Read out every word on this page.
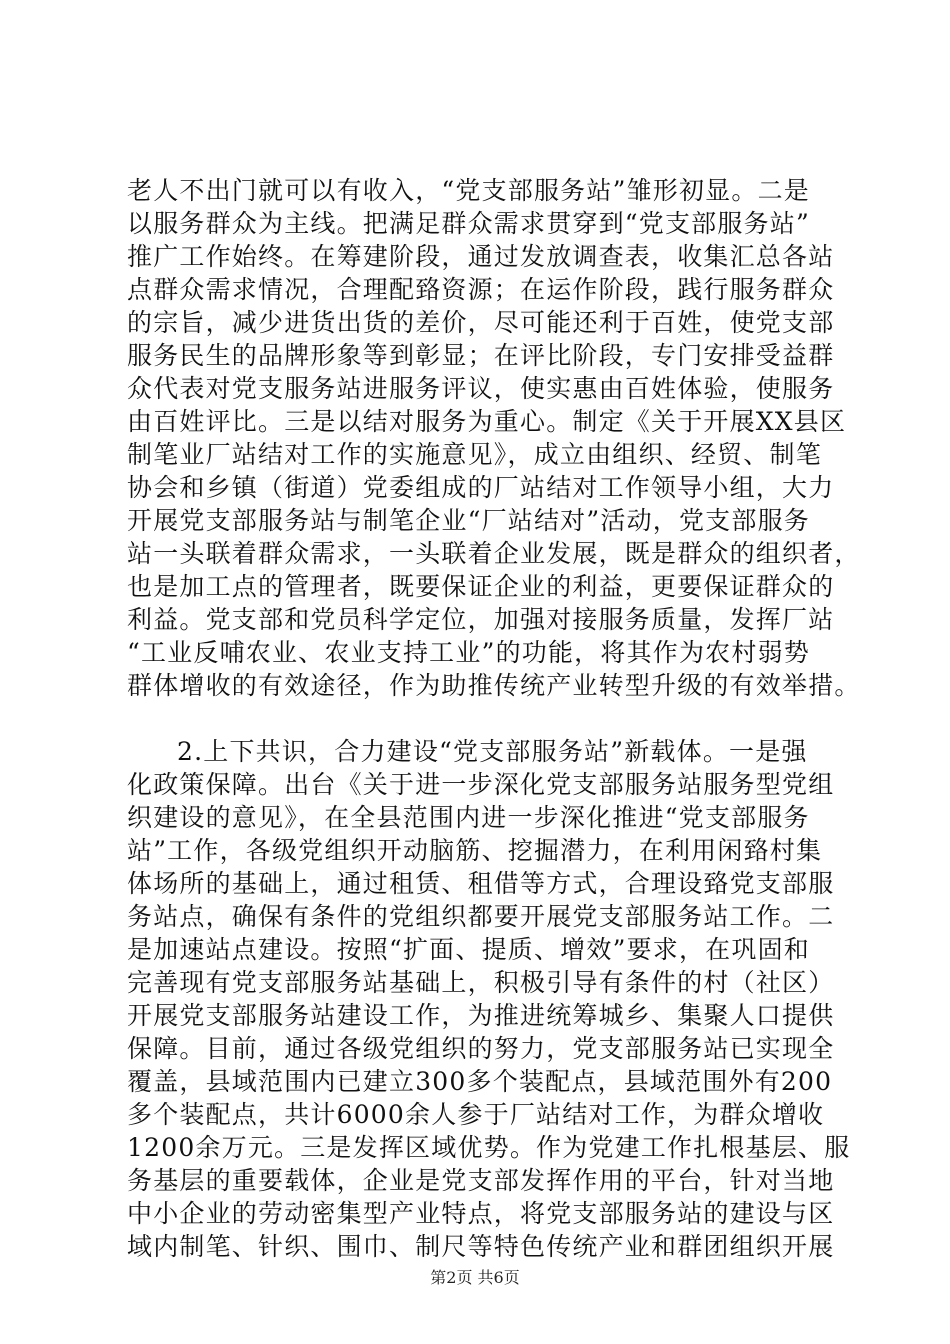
老人不出门就可以有收入，“党支部服务站”雏形初显。二是
以服务群众为主线。把满足群众需求贯穿到“党支部服务站”
推广工作始终。在筹建阶段，通过发放调查表，收集汇总各站
点群众需求情况，合理配臵资源；在运作阶段，践行服务群众
的宗旨，减少进货出货的差价，尽可能还利于百姓，使党支部
服务民生的品牌形象等到彰显；在评比阶段，专门安排受益群
众代表对党支服务站进服务评议，使实惠由百姓体验，使服务
由百姓评比。三是以结对服务为重心。制定《关于开展XX县区
制笔业厂站结对工作的实施意见》，成立由组织、经贸、制笔
协会和乡镇（街道）党委组成的厂站结对工作领导小组，大力
开展党支部服务站与制笔企业“厂站结对”活动，党支部服务
站一头联着群众需求，一头联着企业发展，既是群众的组织者，
也是加工点的管理者，既要保证企业的利益，更要保证群众的
利益。党支部和党员科学定位，加强对接服务质量，发挥厂站
“工业反哺农业、农业支持工业”的功能，将其作为农村弱势
群体增收的有效途径，作为助推传统产业转型升级的有效举措。
2.上下共识，合力建设“党支部服务站”新载体。一是强
化政策保障。出台《关于进一步深化党支部服务站服务型党组
织建设的意见》，在全县范围内进一步深化推进“党支部服务
站”工作，各级党组织开动脑筋、挖掘潜力，在利用闲臵村集
体场所的基础上，通过租赁、租借等方式，合理设臵党支部服
务站点，确保有条件的党组织都要开展党支部服务站工作。二
是加速站点建设。按照“扩面、提质、增效”要求，在巩固和
完善现有党支部服务站基础上，积极引导有条件的村（社区）
开展党支部服务站建设工作，为推进统筹城乡、集聚人口提供
保障。目前，通过各级党组织的努力，党支部服务站已实现全
覆盖，县域范围内已建立300多个装配点，县域范围外有200
多个装配点，共计6000余人参于厂站结对工作，为群众增收
1200余万元。三是发挥区域优势。作为党建工作扎根基层、服
务基层的重要载体，企业是党支部发挥作用的平台，针对当地
中小企业的劳动密集型产业特点，将党支部服务站的建设与区
域内制笔、针织、围巾、制尺等特色传统产业和群团组织开展
第2页 共6页
